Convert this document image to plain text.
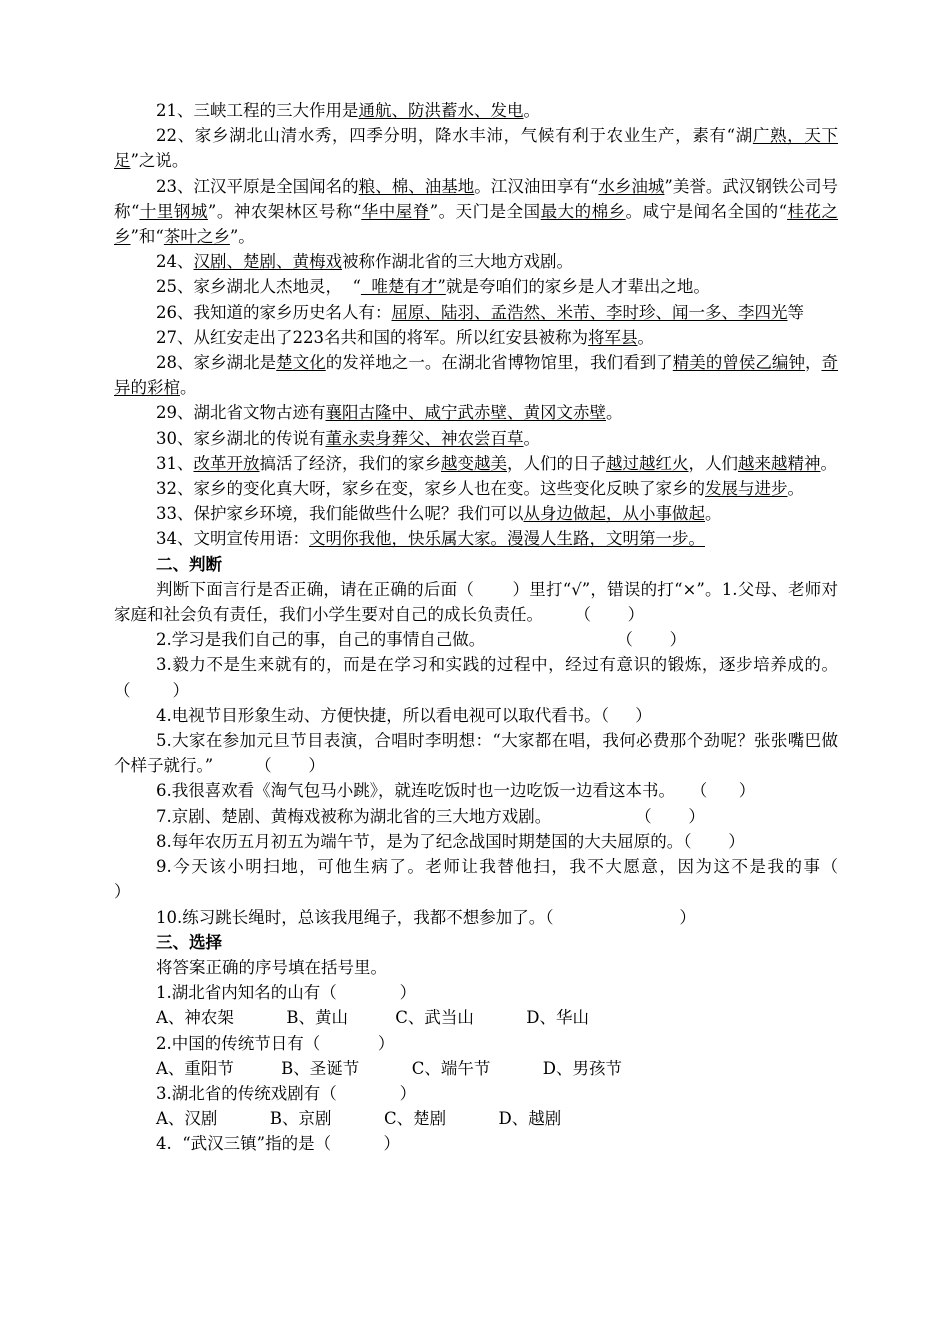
21、三峡工程的三大作用是通航、防洪蓄水、发电。

22、家乡湖北山清水秀，四季分明，降水丰沛，气候有利于农业生产，素有“湖广熟，天下足”之说。

23、江汉平原是全国闻名的粮、棉、油基地。江汉油田享有“水乡油城”美誉。武汉钢铁公司号称“十里钢城”。神农架林区号称“华中屋脊”。天门是全国最大的棉乡。咸宁是闻名全国的“桂花之乡”和“茶叶之乡”。

24、汉剧、楚剧、黄梅戏被称作湖北省的三大地方戏剧。

25、家乡湖北人杰地灵，  “  唯楚有才”就是夸咱们的家乡是人才辈出之地。

26、我知道的家乡历史名人有：屈原、陆羽、孟浩然、米芾、李时珍、闻一多、李四光等

27、从红安走出了223名共和国的将军。所以红安县被称为将军县。

28、家乡湖北是楚文化的发祥地之一。在湖北省博物馆里，我们看到了精美的曾侯乙编钟，奇异的彩棺。

29、湖北省文物古迹有襄阳古隆中、咸宁武赤壁、黄冈文赤壁。

30、家乡湖北的传说有董永卖身葬父、神农尝百草。

31、改革开放搞活了经济，我们的家乡越变越美，人们的日子越过越红火，人们越来越精神。

32、家乡的变化真大呀，家乡在变，家乡人也在变。这些变化反映了家乡的发展与进步。

33、保护家乡环境，我们能做些什么呢？我们可以从身边做起，从小事做起。

34、文明宣传用语：文明你我他，快乐属大家。漫漫人生路，文明第一步。

二、判断

判断下面言行是否正确，请在正确的后面（       ）里打“√”，错误的打“×”。1.父母、老师对家庭和社会负有责任，我们小学生要对自己的成长负责任。      （       ）

2.学习是我们自己的事，自己的事情自己做。                         （       ）

3.毅力不是生来就有的，而是在学习和实践的过程中，经过有意识的锻炼，逐步培养成的。       （        ）

4.电视节目形象生动、方便快捷，所以看电视可以取代看书。（     ）

5.大家在参加元旦节目表演，合唱时李明想：“大家都在唱，我何必费那个劲呢？张张嘴巴做个样子就行。”        （       ）

6.我很喜欢看《淘气包马小跳》，就连吃饭时也一边吃饭一边看这本书。   （      ）

7.京剧、楚剧、黄梅戏被称为湖北省的三大地方戏剧。                （       ）

8.每年农历五月初五为端午节，是为了纪念战国时期楚国的大夫屈原的。（       ）

9.今天该小明扫地，可他生病了。老师让我替他扫，我不大愿意，因为这不是我的事（                ）

10.练习跳长绳时，总该我甩绳子，我都不想参加了。（                        ）

三、选择

将答案正确的序号填在括号里。

1.湖北省内知名的山有（            ）

A、神农架          B、黄山         C、武当山          D、华山

2.中国的传统节日有（           ）

A、重阳节         B、圣诞节          C、端午节          D、男孩节

3.湖北省的传统戏剧有（            ）

A、汉剧          B、京剧          C、楚剧          D、越剧

4.  “武汉三镇”指的是（          ）
